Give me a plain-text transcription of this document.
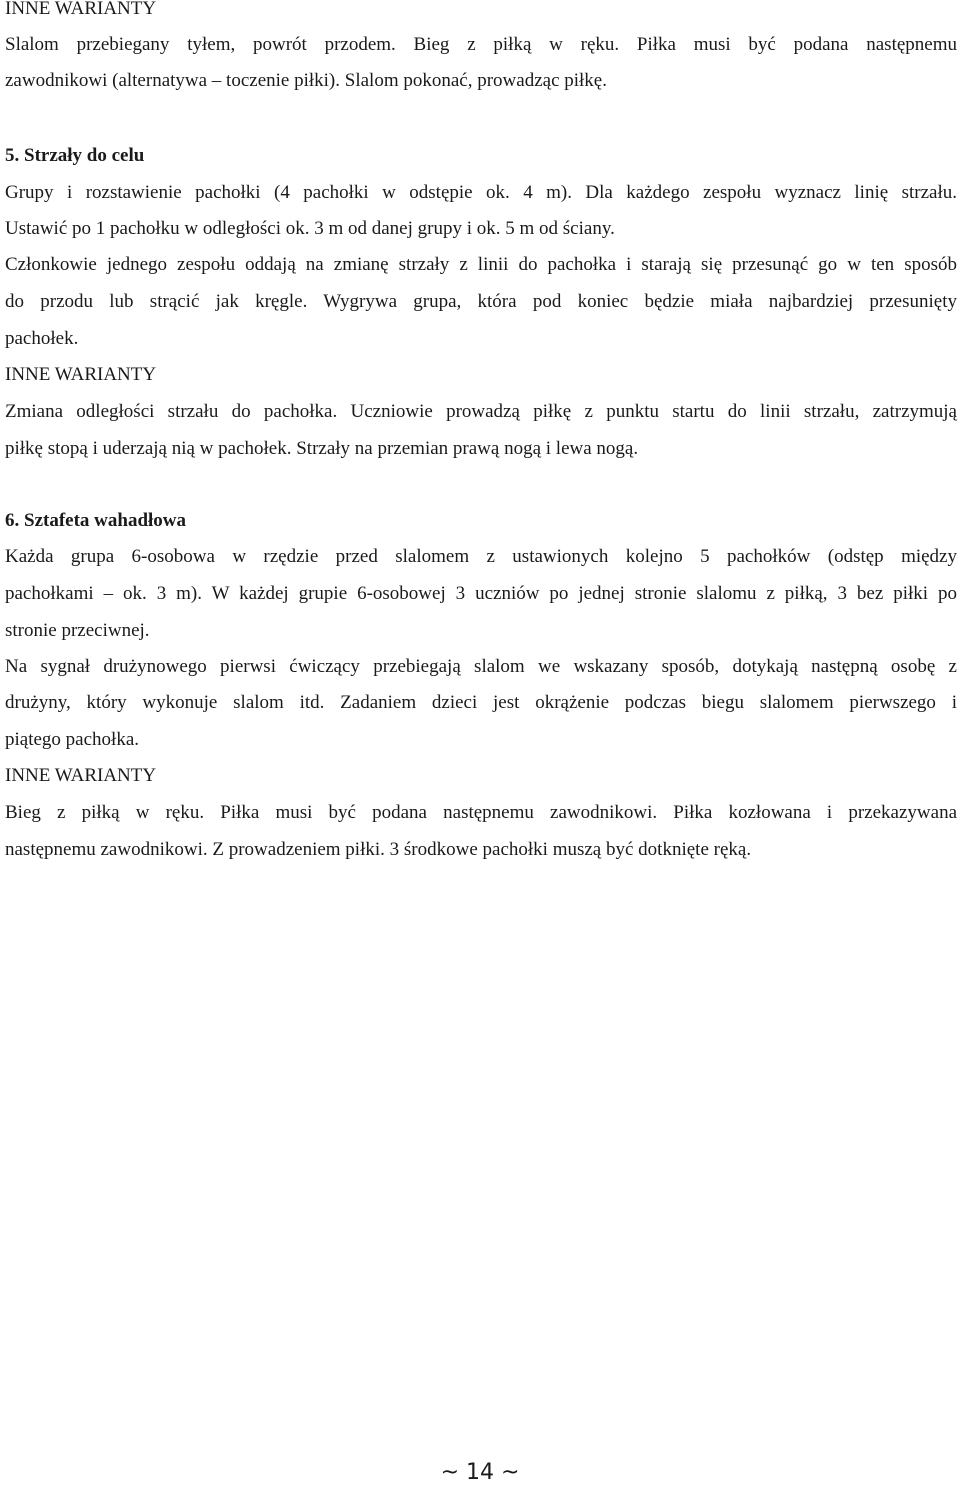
INNE WARIANTY
Slalom przebiegany tyłem, powrót przodem. Bieg z piłką w ręku. Piłka musi być podana następnemu
zawodnikowi (alternatywa – toczenie piłki). Slalom pokonać, prowadząc piłkę.
5. Strzały do celu
Grupy i rozstawienie pachołki (4 pachołki w odstępie ok. 4 m). Dla każdego zespołu wyznacz linię strzału.
Ustawić po 1 pachołku w odległości ok. 3 m od danej grupy i ok. 5 m od ściany.
Członkowie jednego zespołu oddają na zmianę strzały z linii do pachołka i starają się przesunąć go w ten sposób
do przodu lub strącić jak kręgle. Wygrywa grupa, która pod koniec będzie miała najbardziej przesunięty
pachołek.
INNE WARIANTY
Zmiana odległości strzału do pachołka. Uczniowie prowadzą piłkę z punktu startu do linii strzału, zatrzymują
piłkę stopą i uderzają nią w pachołek. Strzały na przemian prawą nogą i lewa nogą.
6. Sztafeta wahadłowa
Każda grupa 6-osobowa w rzędzie przed slalomem z ustawionych kolejno 5 pachołków (odstęp między
pachołkami – ok. 3 m). W każdej grupie 6-osobowej 3 uczniów po jednej stronie slalomu z piłką, 3 bez piłki po
stronie przeciwnej.
Na sygnał drużynowego pierwsi ćwiczący przebiegają slalom we wskazany sposób, dotykają następną osobę z
drużyny, który wykonuje slalom itd. Zadaniem dzieci jest okrążenie podczas biegu slalomem pierwszego i
piątego pachołka.
INNE WARIANTY
Bieg z piłką w ręku. Piłka musi być podana następnemu zawodnikowi. Piłka kozłowana i przekazywana
następnemu zawodnikowi. Z prowadzeniem piłki. 3 środkowe pachołki muszą być dotknięte ręką.
~ 14 ~
